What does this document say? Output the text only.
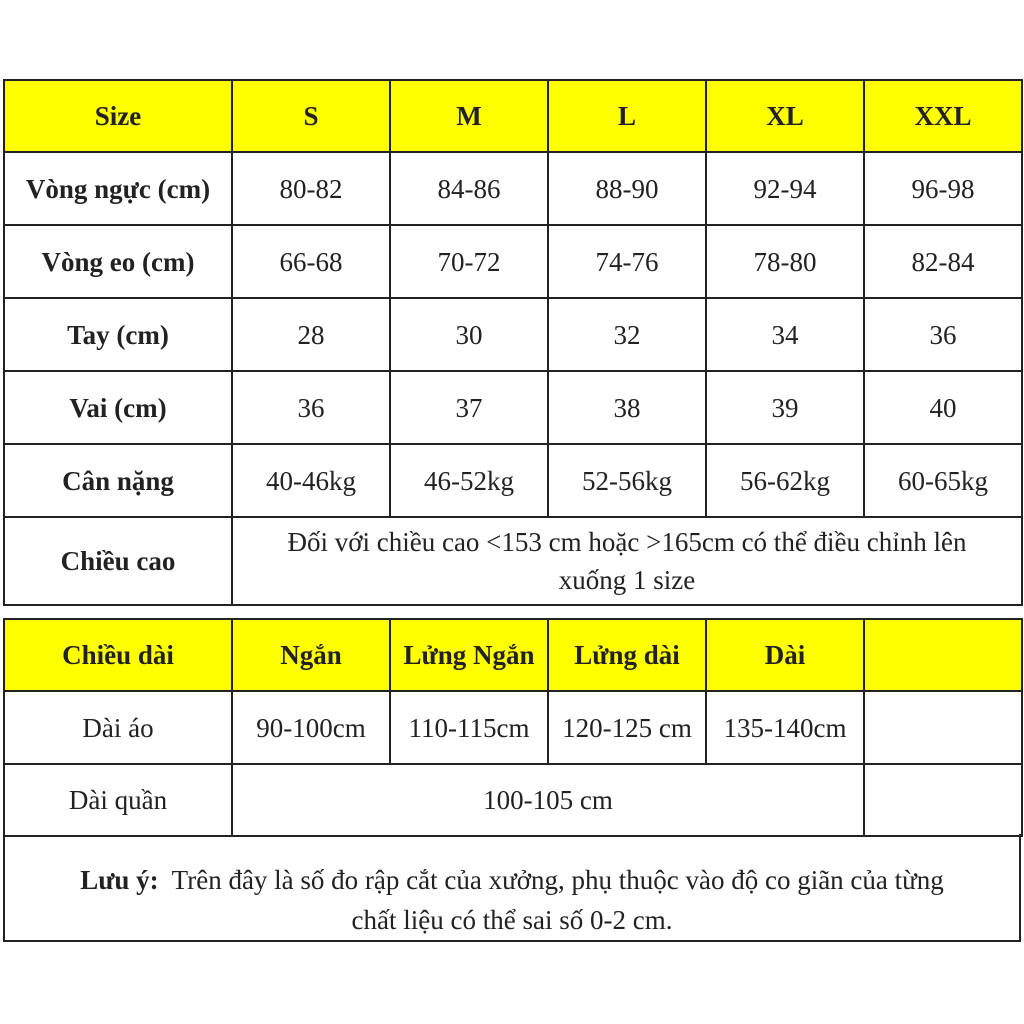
Size	S	M	L	XL	XXL
Vòng ngực (cm)	80-82	84-86	88-90	92-94	96-98
Vòng eo (cm)	66-68	70-72	74-76	78-80	82-84
Tay (cm)	28	30	32	34	36
Vai (cm)	36	37	38	39	40
Cân nặng	40-46kg	46-52kg	52-56kg	56-62kg	60-65kg
Chiều cao	Đối với chiều cao <153 cm hoặc >165cm có thể điều chỉnh lên
xuống 1 size				
Chiều dài	Ngắn	Lửng Ngắn	Lửng dài	Dài	
Dài áo	90-100cm	110-115cm	120-125 cm	135-140cm	
Dài quần	100-105 cm				
Lưu ý: Trên đây là số đo rập cắt của xưởng, phụ thuộc vào độ co giãn của từng
chất liệu có thể sai số 0-2 cm.
